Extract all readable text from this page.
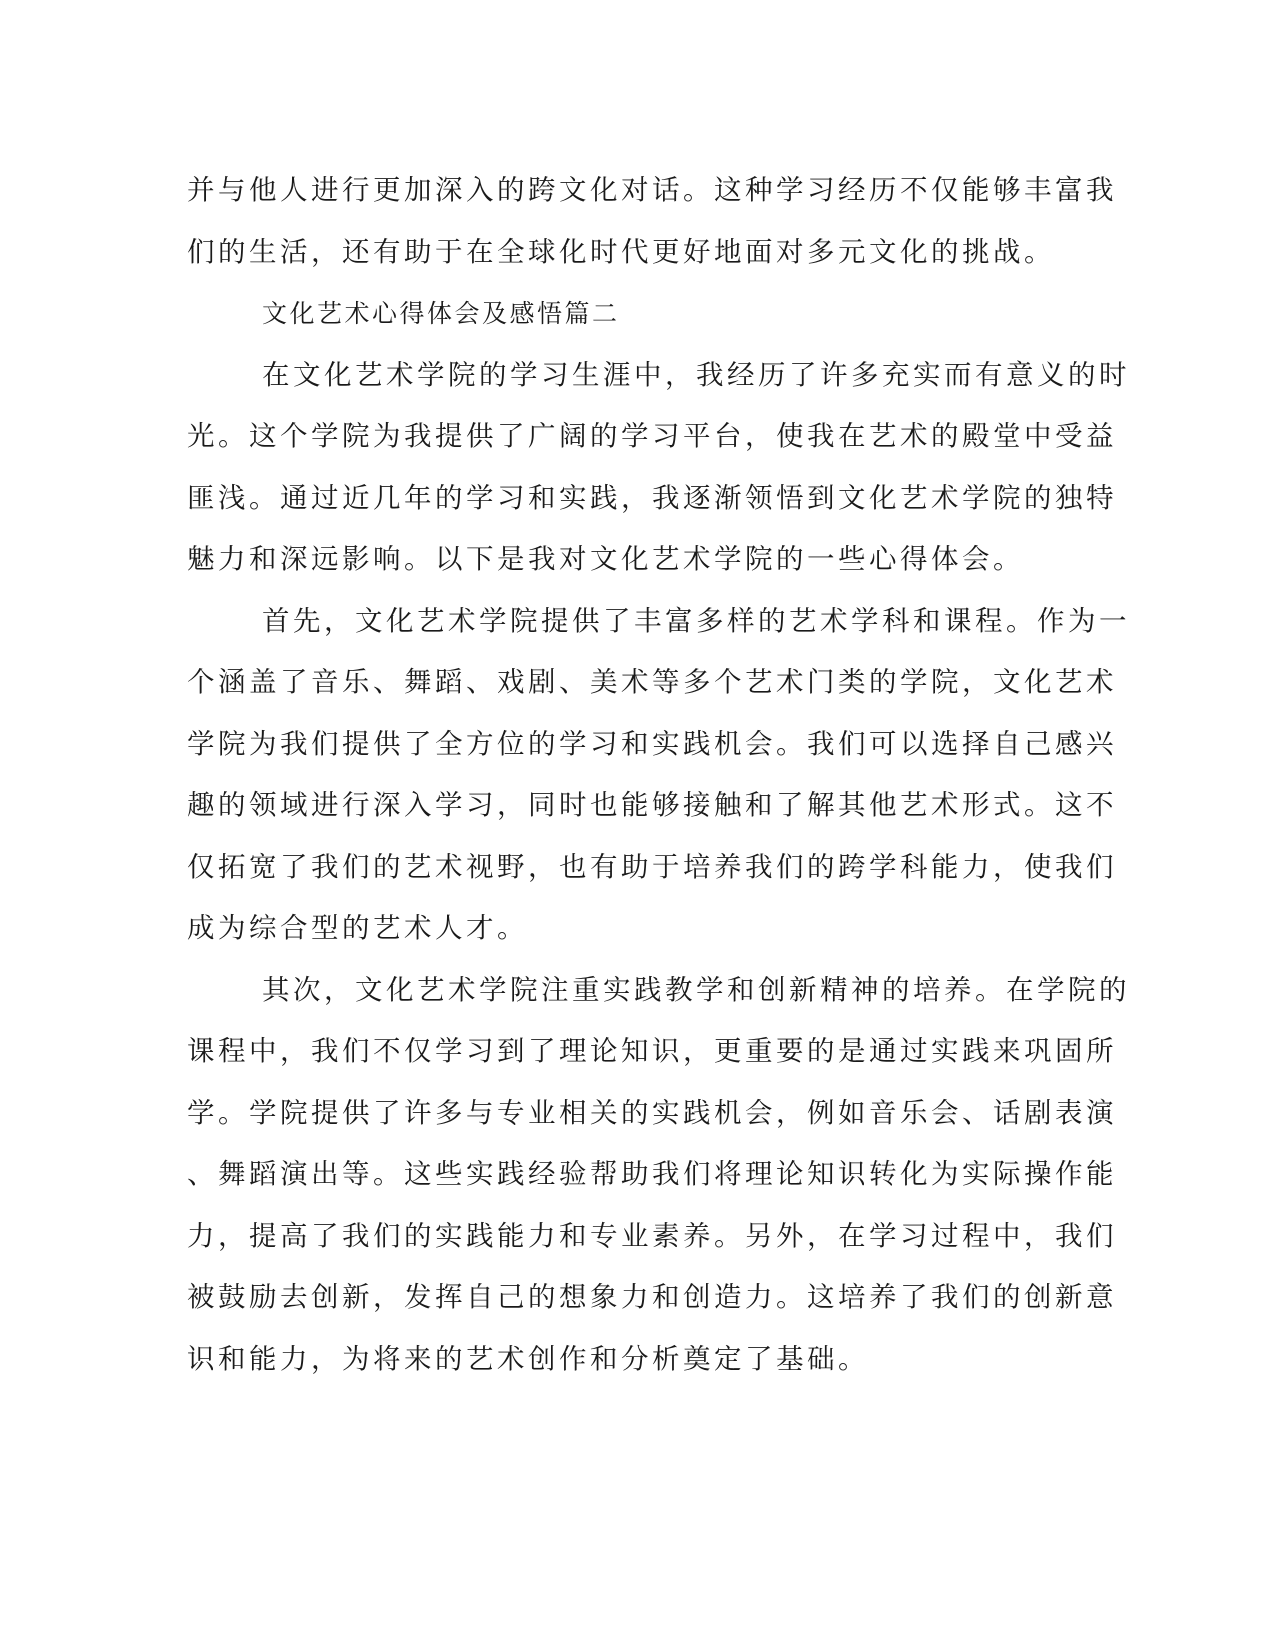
并与他人进行更加深入的跨文化对话。这种学习经历不仅能够丰富我
们的生活，还有助于在全球化时代更好地面对多元文化的挑战。
文化艺术心得体会及感悟篇二
在文化艺术学院的学习生涯中，我经历了许多充实而有意义的时
光。这个学院为我提供了广阔的学习平台，使我在艺术的殿堂中受益
匪浅。通过近几年的学习和实践，我逐渐领悟到文化艺术学院的独特
魅力和深远影响。以下是我对文化艺术学院的一些心得体会。
首先，文化艺术学院提供了丰富多样的艺术学科和课程。作为一
个涵盖了音乐、舞蹈、戏剧、美术等多个艺术门类的学院，文化艺术
学院为我们提供了全方位的学习和实践机会。我们可以选择自己感兴
趣的领域进行深入学习，同时也能够接触和了解其他艺术形式。这不
仅拓宽了我们的艺术视野，也有助于培养我们的跨学科能力，使我们
成为综合型的艺术人才。
其次，文化艺术学院注重实践教学和创新精神的培养。在学院的
课程中，我们不仅学习到了理论知识，更重要的是通过实践来巩固所
学。学院提供了许多与专业相关的实践机会，例如音乐会、话剧表演
、舞蹈演出等。这些实践经验帮助我们将理论知识转化为实际操作能
力，提高了我们的实践能力和专业素养。另外，在学习过程中，我们
被鼓励去创新，发挥自己的想象力和创造力。这培养了我们的创新意
识和能力，为将来的艺术创作和分析奠定了基础。
